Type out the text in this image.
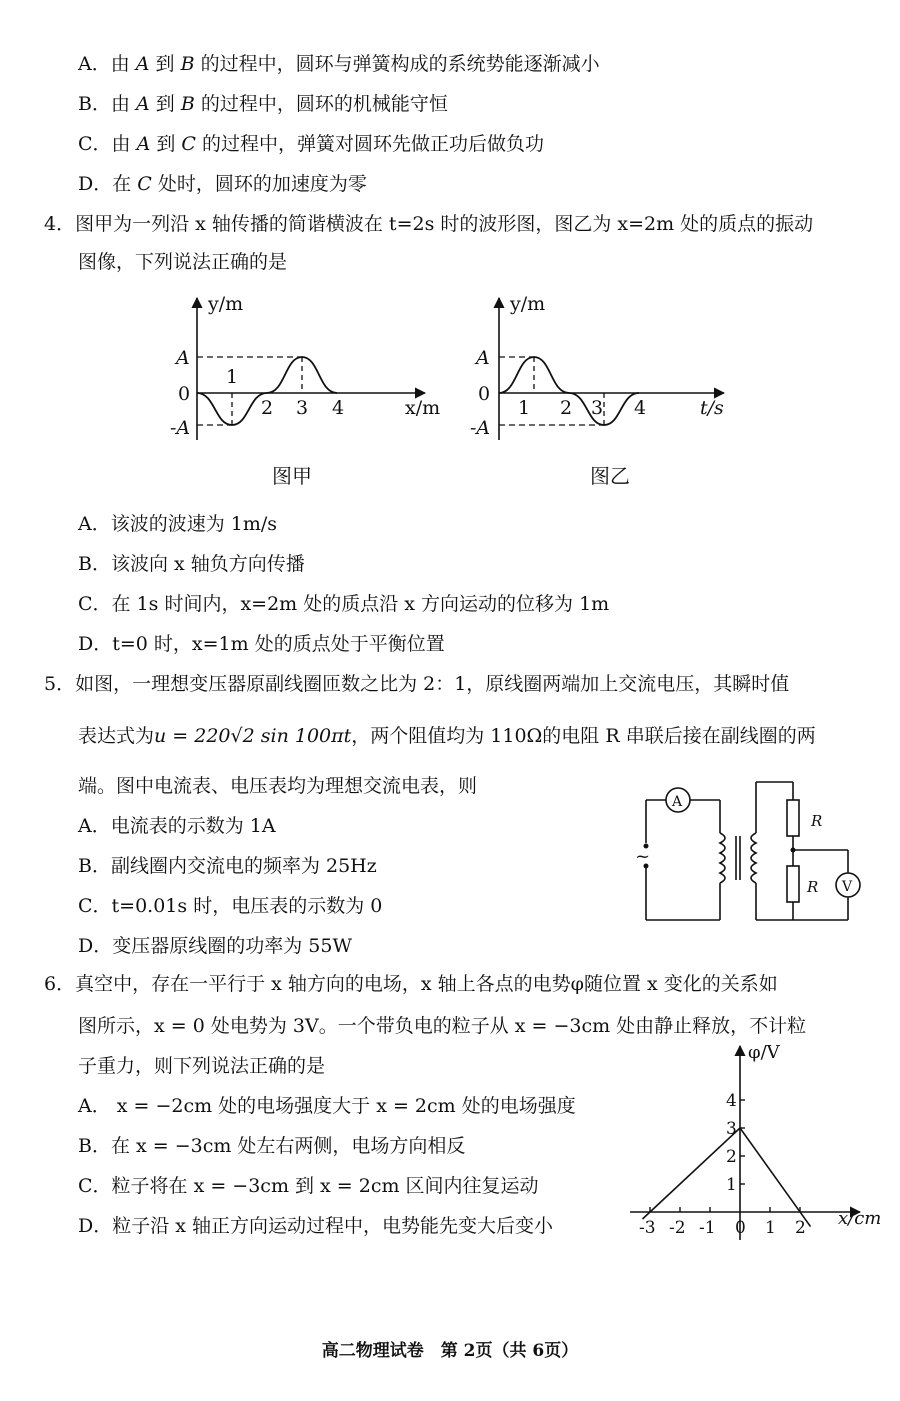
A．由 A 到 B 的过程中，圆环与弹簧构成的系统势能逐渐减小
B．由 A 到 B 的过程中，圆环的机械能守恒
C．由 A 到 C 的过程中，弹簧对圆环先做正功后做负功
D．在 C 处时，圆环的加速度为零
4．图甲为一列沿 x 轴传播的简谐横波在 t=2s 时的波形图，图乙为 x=2m 处的质点的振动
图像，下列说法正确的是
y/m
A
0
-A
1
2 3 4	x/m
图甲
y/m
A
0
-A
1 2 3 4	t/s
图乙
A．该波的波速为 1m/s
B．该波向 x 轴负方向传播
C．在 1s 时间内，x=2m 处的质点沿 x 方向运动的位移为 1m
D．t=0 时，x=1m 处的质点处于平衡位置
5．如图，一理想变压器原副线圈匝数之比为 2：1，原线圈两端加上交流电压，其瞬时值
表达式为u = 220√2 sin 100πt，两个阻值均为 110Ω的电阻 R 串联后接在副线圈的两
端。图中电流表、电压表均为理想交流电表，则
~
A
R
R V
A．电流表的示数为 1A
B．副线圈内交流电的频率为 25Hz
C．t=0.01s 时，电压表的示数为 0
D．变压器原线圈的功率为 55W
6．真空中，存在一平行于 x 轴方向的电场，x 轴上各点的电势φ随位置 x 变化的关系如
图所示，x = 0 处电势为 3V。一个带负电的粒子从 x = −3cm 处由静止释放，不计粒
子重力，则下列说法正确的是
A． x = −2cm 处的电场强度大于 x = 2cm 处的电场强度
B．在 x = −3cm 处左右两侧，电场方向相反
C．粒子将在 x = −3cm 到 x = 2cm 区间内往复运动
D．粒子沿 x 轴正方向运动过程中，电势能先变大后变小
φ/V
x/cm
1
2
3
4
-3 -2 -1 0 1 2
高二物理试卷　第 2页（共 6页）
